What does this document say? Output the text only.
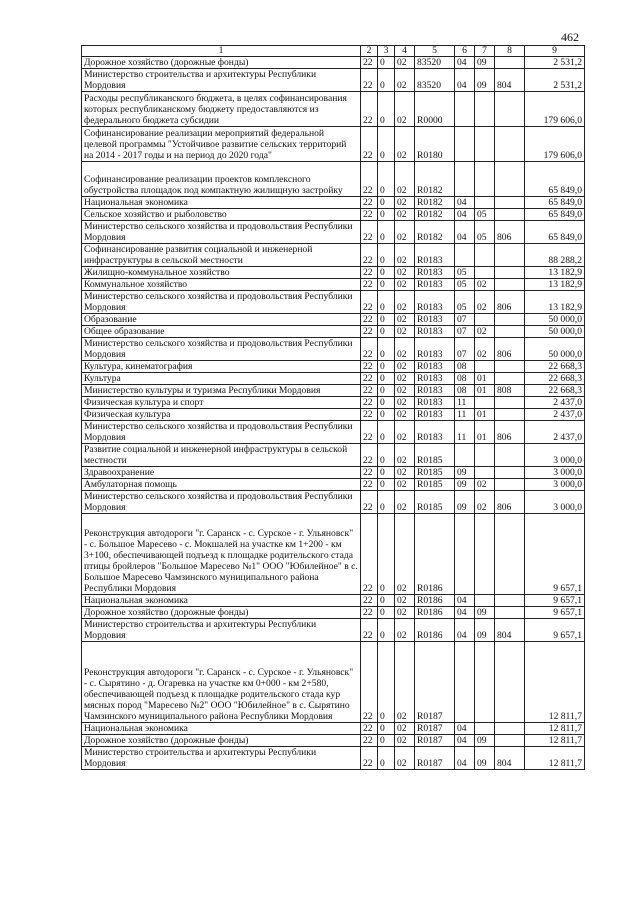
462
1	2	3	4	5	6	7	8	9
Дорожное хозяйство (дорожные фонды)	22	0	02	83520	04	09		2 531,2
Министерство строительства и архитектуры Республики Мордовия	22	0	02	83520	04	09	804	2 531,2
Расходы республиканского бюджета, в целях софинансирования которых республиканскому бюджету предоставляются из федерального бюджета субсидии	22	0	02	R0000				179 606,0
Софинансирование реализации мероприятий федеральной целевой программы "Устойчивое развитие сельских территорий на 2014 - 2017 годы и на период до 2020 года"	22	0	02	R0180				179 606,0
Софинансирование реализации проектов комплексного обустройства площадок под компактную жилищную застройку	22	0	02	R0182				65 849,0
Национальная экономика	22	0	02	R0182	04			65 849,0
Сельское хозяйство и рыболовство	22	0	02	R0182	04	05		65 849,0
Министерство сельского хозяйства и продовольствия Республики Мордовия	22	0	02	R0182	04	05	806	65 849,0
Софинансирование развития социальной и инженерной инфраструктуры в сельской местности	22	0	02	R0183				88 288,2
Жилищно-коммунальное хозяйство	22	0	02	R0183	05			13 182,9
Коммунальное хозяйство	22	0	02	R0183	05	02		13 182,9
Министерство сельского хозяйства и продовольствия Республики Мордовия	22	0	02	R0183	05	02	806	13 182,9
Образование	22	0	02	R0183	07			50 000,0
Общее образование	22	0	02	R0183	07	02		50 000,0
Министерство сельского хозяйства и продовольствия Республики Мордовия	22	0	02	R0183	07	02	806	50 000,0
Культура, кинематография	22	0	02	R0183	08			22 668,3
Культура	22	0	02	R0183	08	01		22 668,3
Министерство культуры и туризма Республики Мордовия	22	0	02	R0183	08	01	808	22 668,3
Физическая культура и спорт	22	0	02	R0183	11			2 437,0
Физическая культура	22	0	02	R0183	11	01		2 437,0
Министерство сельского хозяйства и продовольствия Республики Мордовия	22	0	02	R0183	11	01	806	2 437,0
Развитие социальной и инженерной инфраструктуры в сельской местности	22	0	02	R0185				3 000,0
Здравоохранение	22	0	02	R0185	09			3 000,0
Амбулаторная помощь	22	0	02	R0185	09	02		3 000,0
Министерство сельского хозяйства и продовольствия Республики Мордовия	22	0	02	R0185	09	02	806	3 000,0
Реконструкция автодороги "г. Саранск - с. Сурское - г. Ульяновск" - с. Большое Маресево - с. Мокшалей на участке км 1+200 - км 3+100, обеспечивающей подъезд к площадке родительского стада птицы бройлеров "Большое Маресево №1" ООО "Юбилейное" в с. Большое Маресево Чамзинского муниципального района Республики Мордовия	22	0	02	R0186				9 657,1
Национальная экономика	22	0	02	R0186	04			9 657,1
Дорожное хозяйство (дорожные фонды)	22	0	02	R0186	04	09		9 657,1
Министерство строительства и архитектуры Республики Мордовия	22	0	02	R0186	04	09	804	9 657,1
Реконструкция автодороги "г. Саранск - с. Сурское - г. Ульяновск" - с. Сырятино - д. Огаревка на участке км 0+000 - км 2+580, обеспечивающей подъезд к площадке родительского стада кур мясных пород "Маресево №2" ООО "Юбилейное" в с. Сырятино Чамзинского муниципального района Республики Мордовия	22	0	02	R0187				12 811,7
Национальная экономика	22	0	02	R0187	04			12 811,7
Дорожное хозяйство (дорожные фонды)	22	0	02	R0187	04	09		12 811,7
Министерство строительства и архитектуры Республики Мордовия	22	0	02	R0187	04	09	804	12 811,7
